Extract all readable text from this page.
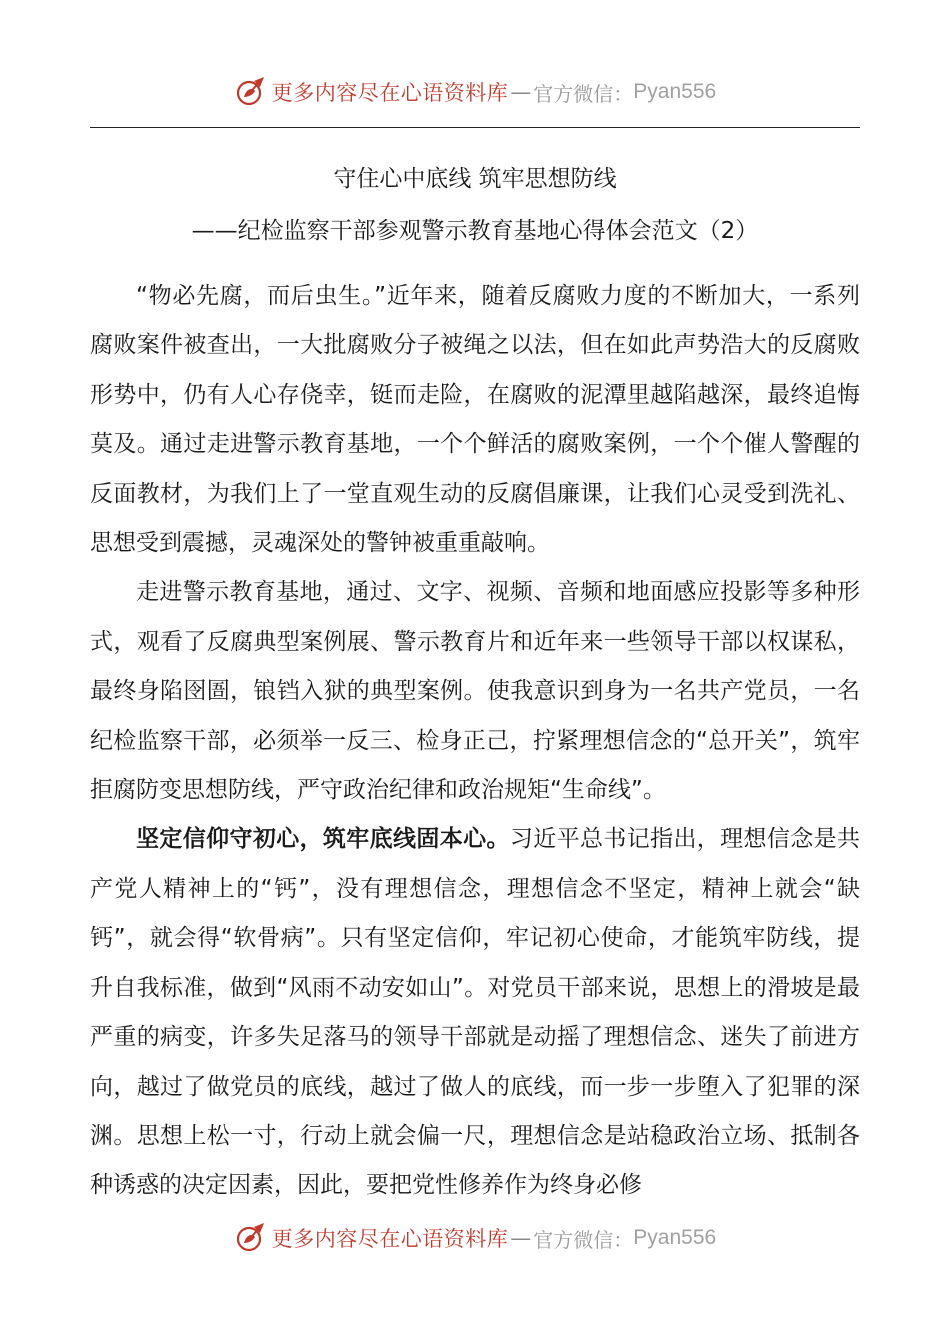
更多内容尽在心语资料库 — 官方微信： Pyan556
守住心中底线 筑牢思想防线
——纪检监察干部参观警示教育基地心得体会范文（2）

“物必先腐，而后虫生。”近年来，随着反腐败力度的不断加大，一系列腐败案件被查出，一大批腐败分子被绳之以法，但在如此声势浩大的反腐败形势中，仍有人心存侥幸，铤而走险，在腐败的泥潭里越陷越深，最终追悔莫及。通过走进警示教育基地，一个个鲜活的腐败案例，一个个催人警醒的反面教材，为我们上了一堂直观生动的反腐倡廉课，让我们心灵受到洗礼、思想受到震撼，灵魂深处的警钟被重重敲响。

走进警示教育基地，通过、文字、视频、音频和地面感应投影等多种形式，观看了反腐典型案例展、警示教育片和近年来一些领导干部以权谋私，最终身陷囹圄，锒铛入狱的典型案例。使我意识到身为一名共产党员，一名纪检监察干部，必须举一反三、检身正己，拧紧理想信念的“总开关”，筑牢拒腐防变思想防线，严守政治纪律和政治规矩“生命线”。

坚定信仰守初心，筑牢底线固本心。习近平总书记指出，理想信念是共产党人精神上的“钙”，没有理想信念，理想信念不坚定，精神上就会“缺钙”，就会得“软骨病”。只有坚定信仰，牢记初心使命，才能筑牢防线，提升自我标准，做到“风雨不动安如山”。对党员干部来说，思想上的滑坡是最严重的病变，许多失足落马的领导干部就是动摇了理想信念、迷失了前进方向，越过了做党员的底线，越过了做人的底线，而一步一步堕入了犯罪的深渊。思想上松一寸，行动上就会偏一尺，理想信念是站稳政治立场、抵制各种诱惑的决定因素，因此，要把党性修养作为终身必修

更多内容尽在心语资料库 — 官方微信： Pyan556
